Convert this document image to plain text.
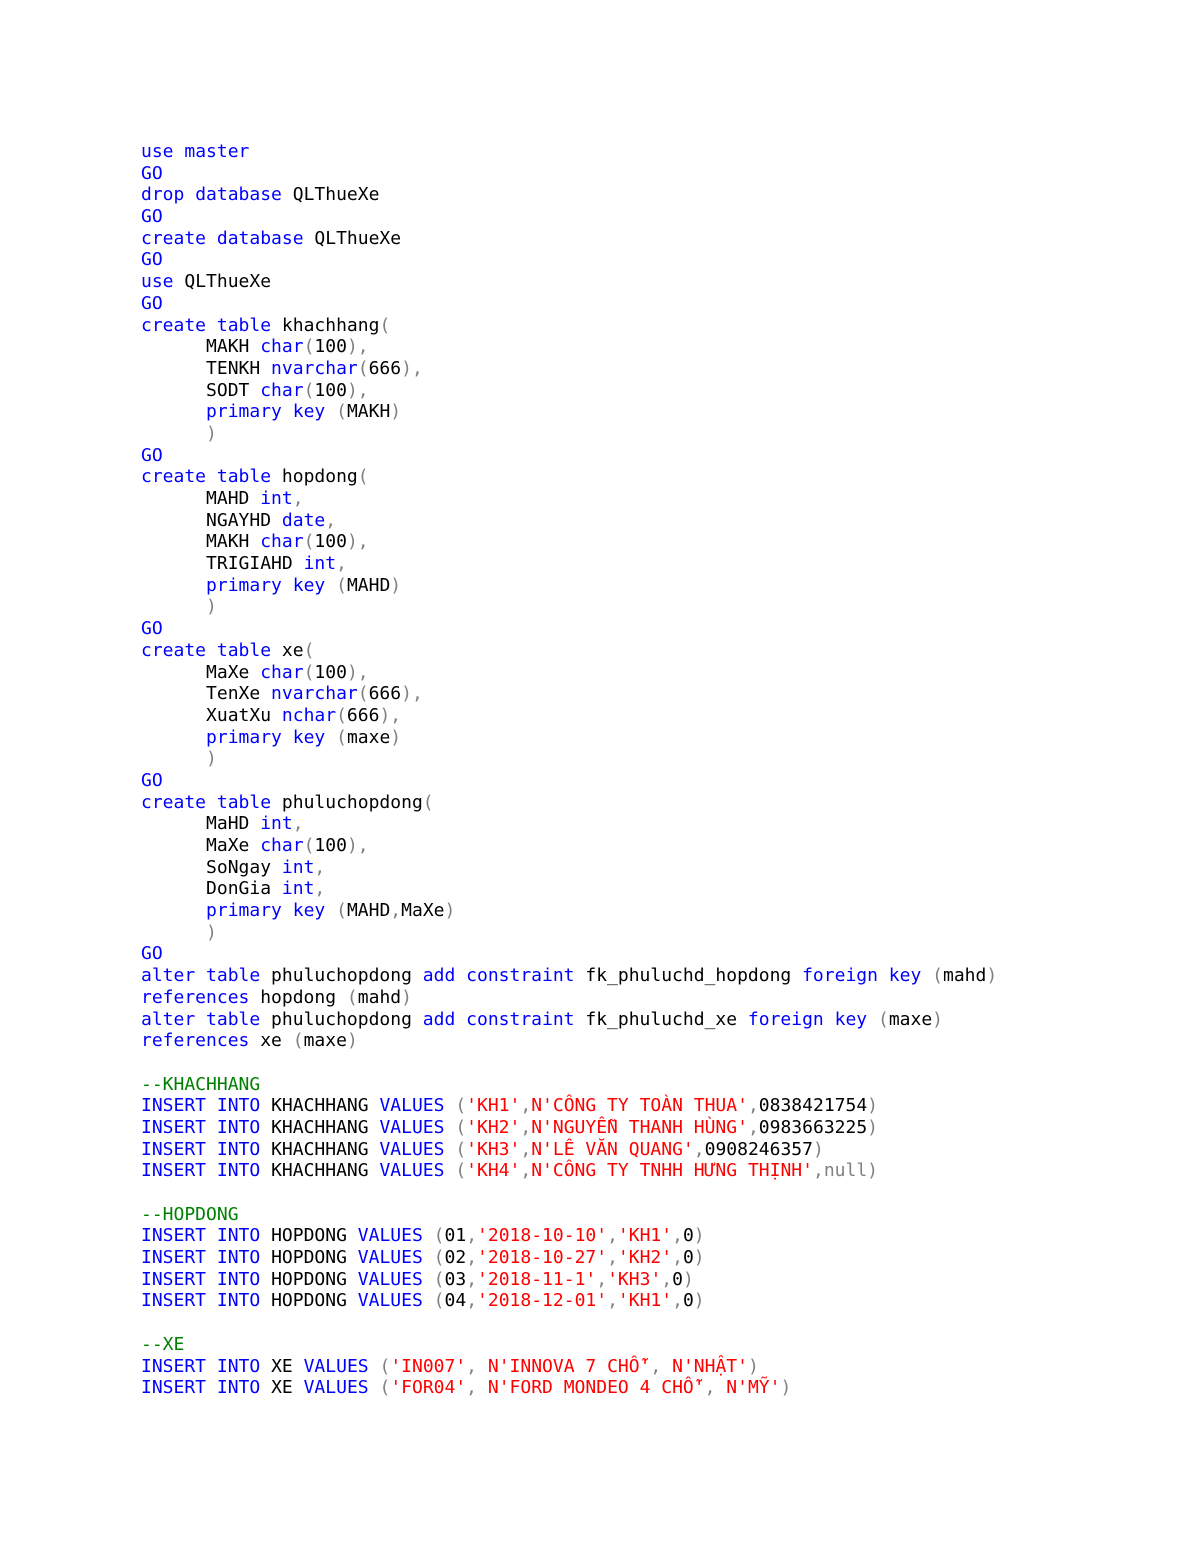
use master
GO
drop database QLThueXe
GO
create database QLThueXe
GO
use QLThueXe
GO
create table khachhang(
MAKH char(100),
TENKH nvarchar(666),
SODT char(100),
primary key (MAKH)
)
GO
create table hopdong(
MAHD int,
NGAYHD date,
MAKH char(100),
TRIGIAHD int,
primary key (MAHD)
)
GO
create table xe(
MaXe char(100),
TenXe nvarchar(666),
XuatXu nchar(666),
primary key (maxe)
)
GO
create table phuluchopdong(
MaHD int,
MaXe char(100),
SoNgay int,
DonGia int,
primary key (MAHD,MaXe)
)
GO
alter table phuluchopdong add constraint fk_phuluchd_hopdong foreign key (mahd)
references hopdong (mahd)
alter table phuluchopdong add constraint fk_phuluchd_xe foreign key (maxe)
references xe (maxe)

--KHACHHANG
INSERT INTO KHACHHANG VALUES ('KH1',N'CÔNG TY TOÀN THUA',0838421754)
INSERT INTO KHACHHANG VALUES ('KH2',N'NGUYỄN THANH HÙNG',0983663225)
INSERT INTO KHACHHANG VALUES ('KH3',N'LÊ VĂN QUANG',0908246357)
INSERT INTO KHACHHANG VALUES ('KH4',N'CÔNG TY TNHH HƯNG THỊNH',null)

--HOPDONG
INSERT INTO HOPDONG VALUES (01,'2018-10-10','KH1',0)
INSERT INTO HOPDONG VALUES (02,'2018-10-27','KH2',0)
INSERT INTO HOPDONG VALUES (03,'2018-11-1','KH3',0)
INSERT INTO HOPDONG VALUES (04,'2018-12-01','KH1',0)

--XE
INSERT INTO XE VALUES ('IN007', N'INNOVA 7 CHỖ', N'NHẬT')
INSERT INTO XE VALUES ('FOR04', N'FORD MONDEO 4 CHỖ', N'MỸ')
